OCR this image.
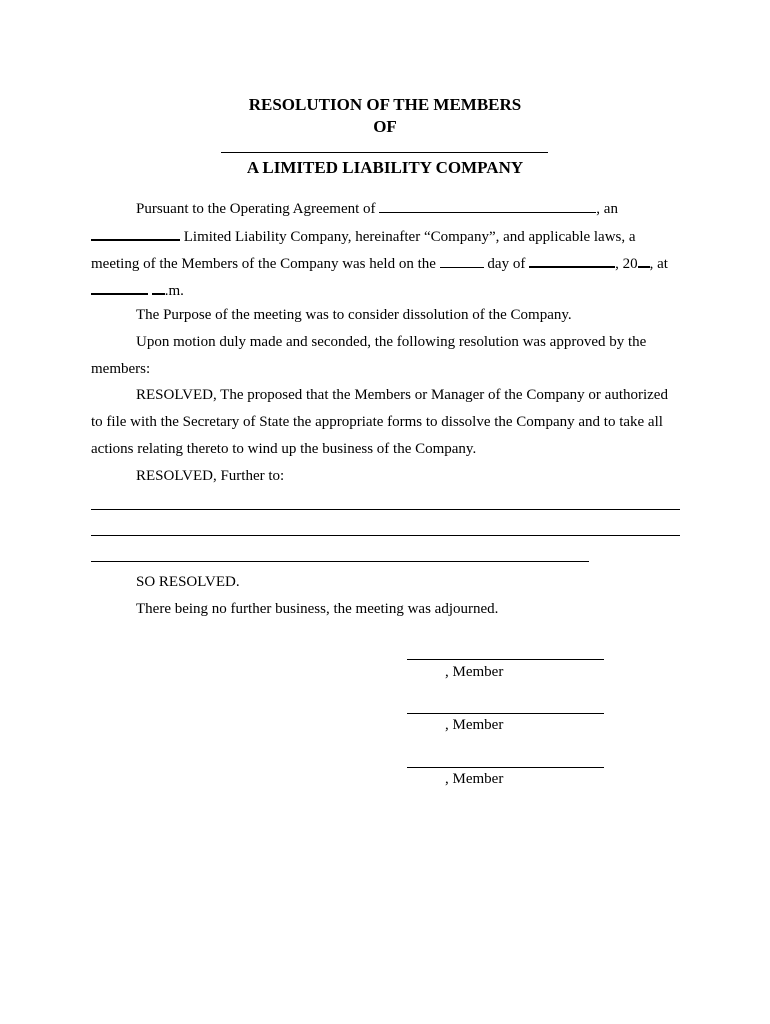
RESOLUTION OF THE MEMBERS
OF
A LIMITED LIABILITY COMPANY
Pursuant to the Operating Agreement of	, an
Limited Liability Company, hereinafter “Company”, and applicable laws, a
meeting of the Members of the Company was held on the	day of	, 20 , at
.m.
The Purpose of the meeting was to consider dissolution of the Company.
Upon motion duly made and seconded, the following resolution was approved by the
members:
RESOLVED, The proposed that the Members or Manager of the Company or authorized
to file with the Secretary of State the appropriate forms to dissolve the Company and to take all
actions relating thereto to wind up the business of the Company.
RESOLVED, Further to:
SO RESOLVED.
There being no further business, the meeting was adjourned.
, Member
, Member
, Member
